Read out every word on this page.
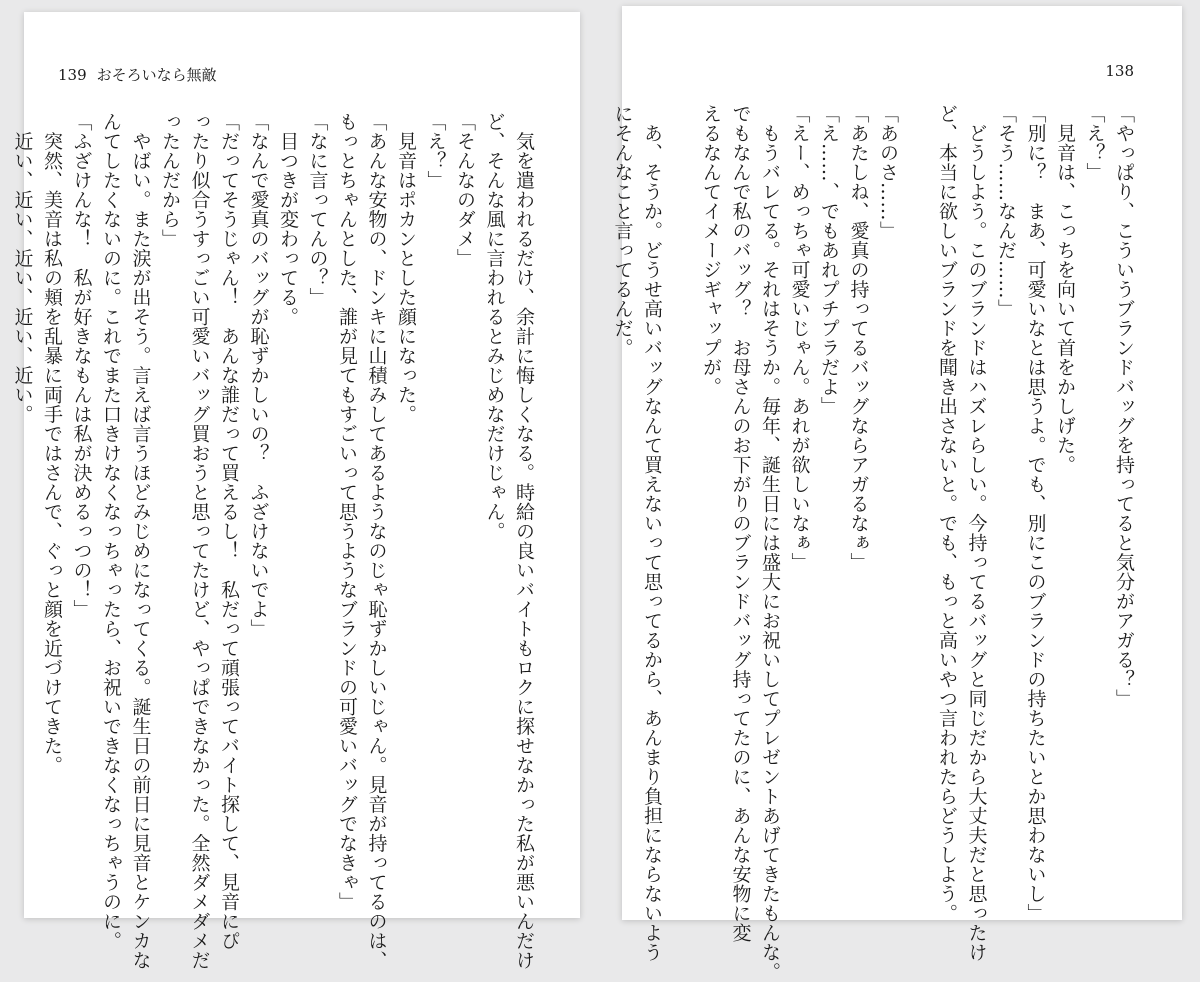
139 おそろいなら無敵
　気を遣われるだけ、余計に悔しくなる。時給の良いバイトもロクに探せなかった私が悪いんだけ
ど、そんな風に言われるとみじめなだけじゃん。
「そんなのダメ」
「え？」
　見音はポカンとした顔になった。
「あんな安物の、ドンキに山積みしてあるようなのじゃ恥ずかしいじゃん。見音が持ってるのは、
もっとちゃんとした、誰が見てもすごいって思うようなブランドの可愛いバッグでなきゃ」
「なに言ってんの？」
　目つきが変わってる。
「なんで愛真のバッグが恥ずかしいの？　ふざけないでよ」
「だってそうじゃん！　あんな誰だって買えるし！　私だって頑張ってバイト探して、見音にぴ
ったり似合うすっごい可愛いバッグ買おうと思ってたけど、やっぱできなかった。全然ダメダメだ
ったんだから」
　やばい。また涙が出そう。言えば言うほどみじめになってくる。誕生日の前日に見音とケンカな
んてしたくないのに。これでまた口きけなくなっちゃったら、お祝いできなくなっちゃうのに。
「ふざけんな！　私が好きなもんは私が決めるっつの！」
　突然、美音は私の頬を乱暴に両手ではさんで、ぐっと顔を近づけてきた。
　近い、近い、近い、近い、近い。
138
「やっぱり、こういうブランドバッグを持ってると気分がアガる？」
「え？」
　見音は、こっちを向いて首をかしげた。
「別に？　まあ、可愛いなとは思うよ。でも、別にこのブランドの持ちたいとか思わないし」
「そう……なんだ……」
　どうしよう。このブランドはハズレらしい。今持ってるバッグと同じだから大丈夫だと思ったけ
ど、本当に欲しいブランドを聞き出さないと。でも、もっと高いやつ言われたらどうしよう。

「あのさ……」
「あたしね、愛真の持ってるバッグならアガるなぁ」
「え……、でもあれプチプラだよ」
「えー、めっちゃ可愛いじゃん。あれが欲しいなぁ」
　もうバレてる。それはそうか。毎年、誕生日には盛大にお祝いしてプレゼントあげてきたもんな。
でもなんで私のバッグ？　お母さんのお下がりのブランドバッグ持ってたのに、あんな安物に変
えるなんてイメージギャップが。

　あ、そうか。どうせ高いバッグなんて買えないって思ってるから、あんまり負担にならないよう
にそんなこと言ってるんだ。
